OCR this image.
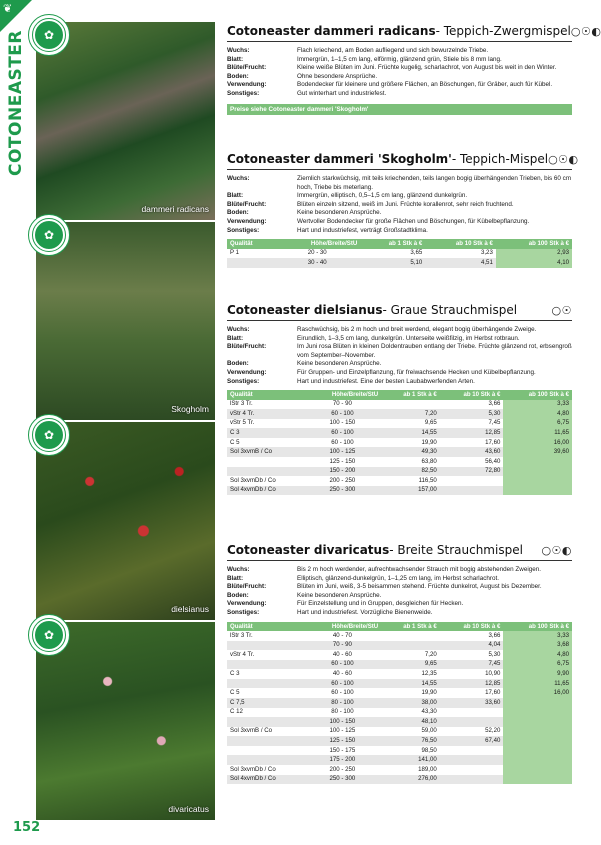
❦
COTONEASTER
152
✿
dammeri radicans
✿
Skogholm
✿
dielsianus
✿
divaricatus
Cotoneaster dammeri radicans - Teppich-Zwergmispel ○☉◐
Wuchs:	Flach kriechend, am Boden aufliegend und sich bewurzelnde Triebe.
Blatt:	Immergrün, 1–1,5 cm lang, elförmig, glänzend grün, Stiele bis 8 mm lang.
Blüte/Frucht:	Kleine weiße Blüten im Juni. Früchte kugelig, scharlachrot, von August bis weit in den Winter.
Boden:	Ohne besondere Ansprüche.
Verwendung:	Bodendecker für kleinere und größere Flächen, an Böschungen, für Gräber, auch für Kübel.
Sonstiges:	Gut winterhart und industriefest.
Preise siehe Cotoneaster dammeri 'Skogholm'
Cotoneaster dammeri 'Skogholm' - Teppich-Mispel ○☉◐
Wuchs:	Ziemlich starkwüchsig, mit teils kriechenden, teils langen bogig überhängenden Trieben, bis 60 cm hoch, Triebe bis meterlang.
Blatt:	Immergrün, elliptisch, 0,5–1,5 cm lang, glänzend dunkelgrün.
Blüte/Frucht:	Blüten einzeln sitzend, weiß im Juni. Früchte korallenrot, sehr reich fruchtend.
Boden:	Keine besonderen Ansprüche.
Verwendung:	Wertvoller Bodendecker für große Flächen und Böschungen, für Kübelbepflanzung.
Sonstiges:	Hart und industriefest, verträgt Großstadtklima.
Qualität	Höhe/Breite/StU	ab 1 Stk à €	ab 10 Stk à €	ab 100 Stk à €
P 1	20 - 30	3,65	3,23	2,93
	30 - 40	5,10	4,51	4,10
Cotoneaster dielsianus - Graue Strauchmispel	○☉
Wuchs:	Raschwüchsig, bis 2 m hoch und breit werdend, elegant bogig überhängende Zweige.
Blatt:	Eirundlich, 1–3,5 cm lang, dunkelgrün. Unterseite weißfilzig, im Herbst rotbraun.
Blüte/Frucht:	Im Juni rosa Blüten in kleinen Doldentrauben entlang der Triebe. Früchte glänzend rot, erbsengroß vom September–November.
Boden:	Keine besonderen Ansprüche.
Verwendung:	Für Gruppen- und Einzelpflanzung, für freiwachsende Hecken und Kübelbepflanzung.
Sonstiges:	Hart und industriefest. Eine der besten Laubabwerfenden Arten.
Qualität	Höhe/Breite/StU	ab 1 Stk à €	ab 10 Stk à €	ab 100 Stk à €
lStr 3 Tr.	70 - 90		3,66	3,33
vStr 4 Tr.	60 - 100	7,20	5,30	4,80
vStr 5 Tr.	100 - 150	9,65	7,45	6,75
C 3	60 - 100	14,55	12,85	11,65
C 5	60 - 100	19,90	17,60	16,00
Sol 3xvmB / Co	100 - 125	49,30	43,60	39,60
	125 - 150	63,80	56,40	
	150 - 200	82,50	72,80	
Sol 3xvmDb / Co	200 - 250	116,50		
Sol 4xvmDb / Co	250 - 300	157,00		
Cotoneaster divaricatus - Breite Strauchmispel ○☉◐
Wuchs:	Bis 2 m hoch werdender, aufrechtwachsender Strauch mit bogig abstehenden Zweigen.
Blatt:	Elliptisch, glänzend-dunkelgrün, 1–1,25 cm lang, im Herbst scharlachrot.
Blüte/Frucht:	Blüten im Juni, weiß, 3-5 beisammen stehend. Früchte dunkelrot, August bis Dezember.
Boden:	Keine besonderen Ansprüche.
Verwendung:	Für Einzelstellung und in Gruppen, desgleichen für Hecken.
Sonstiges:	Hart und industriefest. Vorzügliche Bienenweide.
Qualität	Höhe/Breite/StU	ab 1 Stk à €	ab 10 Stk à €	ab 100 Stk à €
lStr 3 Tr.	40 - 70		3,66	3,33
	70 - 90		4,04	3,68
vStr 4 Tr.	40 - 60	7,20	5,30	4,80
	60 - 100	9,65	7,45	6,75
C 3	40 - 60	12,35	10,90	9,90
	60 - 100	14,55	12,85	11,65
C 5	60 - 100	19,90	17,60	16,00
C 7,5	80 - 100	38,00	33,60	
C 12	80 - 100	43,30		
	100 - 150	48,10		
Sol 3xvmB / Co	100 - 125	59,00	52,20	
	125 - 150	76,50	67,40	
	150 - 175	98,50		
	175 - 200	141,00		
Sol 3xvmDb / Co	200 - 250	189,00		
Sol 4xvmDb / Co	250 - 300	276,00		
